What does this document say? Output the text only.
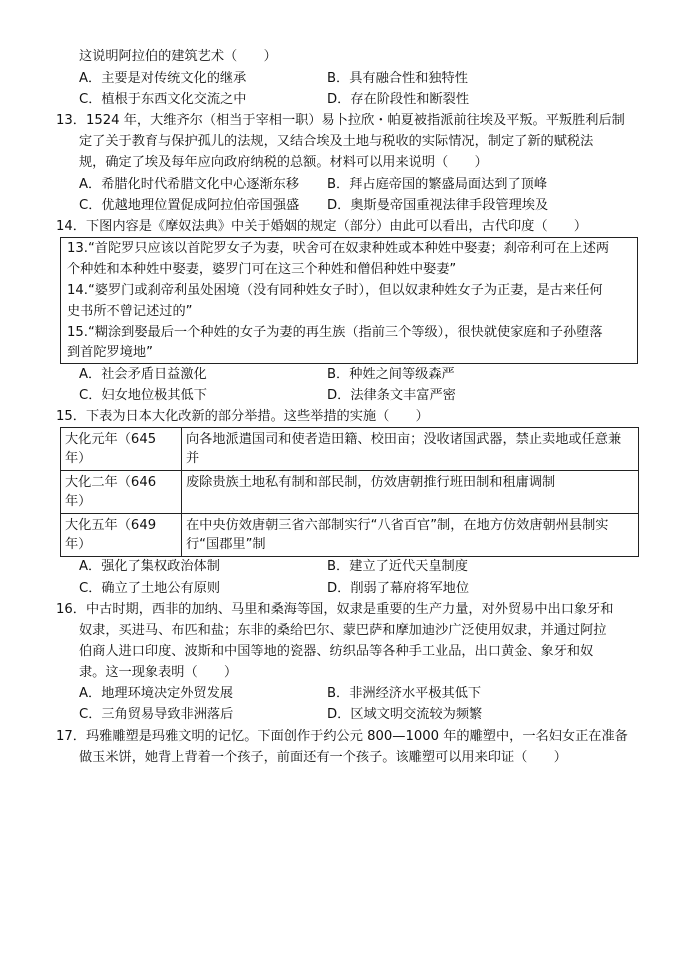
这说明阿拉伯的建筑艺术（　　）
A．主要是对传统文化的继承	B．具有融合性和独特性
C．植根于东西文化交流之中	D．存在阶段性和断裂性
13．1524 年，大维齐尔（相当于宰相一职）易卜拉欣・帕夏被指派前往埃及平叛。平叛胜利后制
定了关于教育与保护孤儿的法规，又结合埃及土地与税收的实际情况，制定了新的赋税法
规，确定了埃及每年应向政府纳税的总额。材料可以用来说明（　　）
A．希腊化时代希腊文化中心逐渐东移 B．拜占庭帝国的繁盛局面达到了顶峰
C．优越地理位置促成阿拉伯帝国强盛 D．奥斯曼帝国重视法律手段管理埃及
14．下图内容是《摩奴法典》中关于婚姻的规定（部分）由此可以看出，古代印度（　　）
13.“首陀罗只应该以首陀罗女子为妻，吠舍可在奴隶种姓或本种姓中娶妻；刹帝利可在上述两
个种姓和本种姓中娶妻，婆罗门可在这三个种姓和僧侣种姓中娶妻”
14.“婆罗门或刹帝利虽处困境（没有同种姓女子时），但以奴隶种姓女子为正妻，是古来任何
史书所不曾记述过的”
15.“糊涂到娶最后一个种姓的女子为妻的再生族（指前三个等级），很快就使家庭和子孙堕落
到首陀罗境地”
A．社会矛盾日益激化	B．种姓之间等级森严
C．妇女地位极其低下	D．法律条文丰富严密
15．下表为日本大化改新的部分举措。这些举措的实施（　　）
大化元年（645
年）	向各地派遣国司和使者造田籍、校田亩；没收诸国武器，禁止卖地或任意兼并
大化二年（646
年）	废除贵族土地私有制和部民制，仿效唐朝推行班田制和租庸调制
大化五年（649
年）	在中央仿效唐朝三省六部制实行“八省百官”制，在地方仿效唐朝州县制实行“国郡里”制
A．强化了集权政治体制	B．建立了近代天皇制度
C．确立了土地公有原则	D．削弱了幕府将军地位
16．中古时期，西非的加纳、马里和桑海等国，奴隶是重要的生产力量，对外贸易中出口象牙和
奴隶，买进马、布匹和盐；东非的桑给巴尔、蒙巴萨和摩加迪沙广泛使用奴隶，并通过阿拉
伯商人进口印度、波斯和中国等地的瓷器、纺织品等各种手工业品，出口黄金、象牙和奴
隶。这一现象表明（　　）
A．地理环境决定外贸发展	B．非洲经济水平极其低下
C．三角贸易导致非洲落后	D．区域文明交流较为频繁
17．玛雅雕塑是玛雅文明的记忆。下面创作于约公元 800—1000 年的雕塑中，一名妇女正在准备
做玉米饼，她背上背着一个孩子，前面还有一个孩子。该雕塑可以用来印证（　　）
